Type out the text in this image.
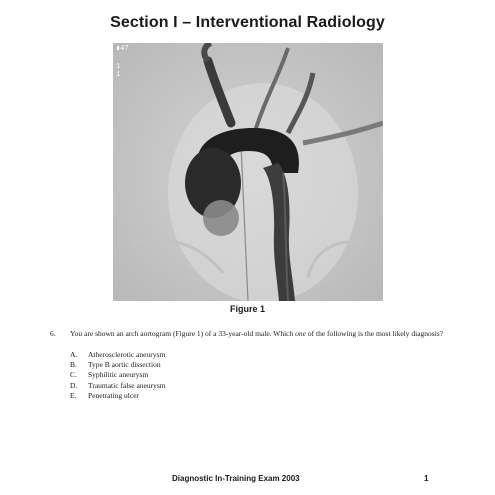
Section I – Interventional Radiology
▮47
1
1
Figure 1
6. You are shown an arch aortogram (Figure 1) of a 33-year-old male. Which one of the following is the most likely diagnosis?
A. Atherosclerotic aneurysm
B. Type B aortic dissection
C. Syphilitic aneurysm
D. Traumatic false aneurysm
E. Penetrating ulcer
Diagnostic In-Training Exam 2003	1
